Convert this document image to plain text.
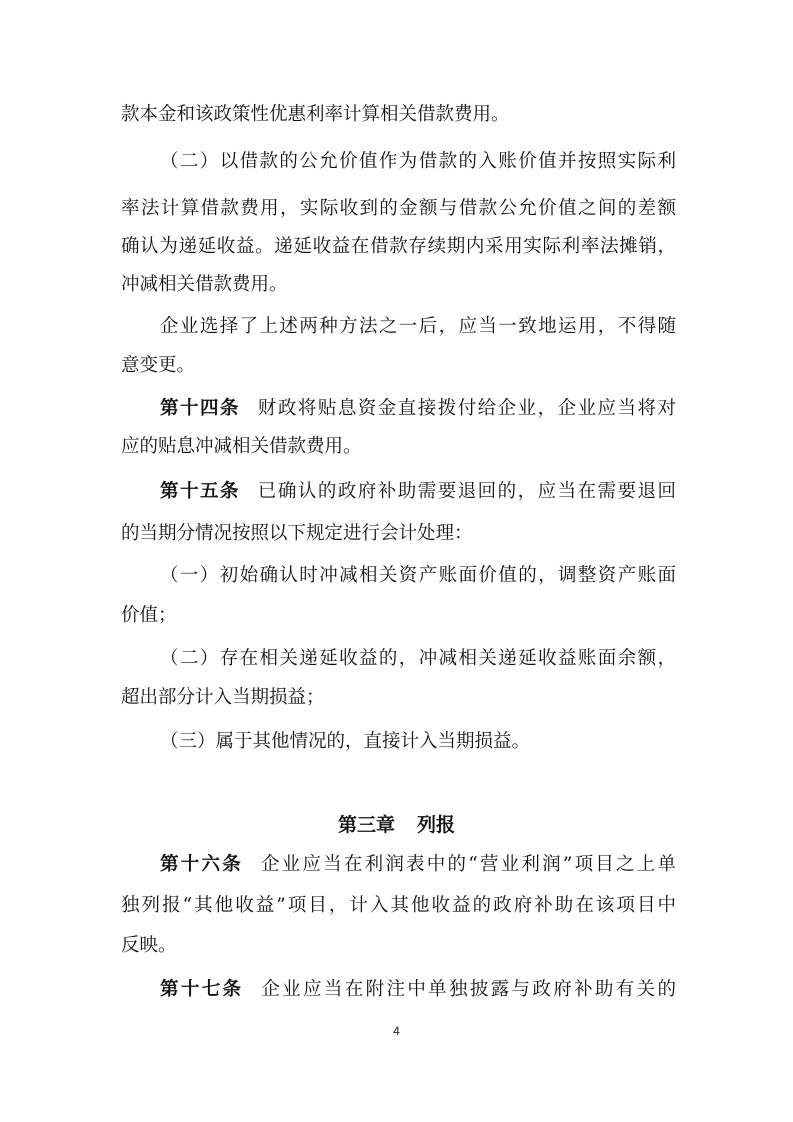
款本金和该政策性优惠利率计算相关借款费用。
（二）以借款的公允价值作为借款的入账价值并按照实际利
率法计算借款费用，实际收到的金额与借款公允价值之间的差额
确认为递延收益。递延收益在借款存续期内采用实际利率法摊销，
冲减相关借款费用。
企业选择了上述两种方法之一后，应当一致地运用，不得随
意变更。
第十四条 财政将贴息资金直接拨付给企业，企业应当将对
应的贴息冲减相关借款费用。
第十五条 已确认的政府补助需要退回的，应当在需要退回
的当期分情况按照以下规定进行会计处理：
（一）初始确认时冲减相关资产账面价值的，调整资产账面
价值；
（二）存在相关递延收益的，冲减相关递延收益账面余额，
超出部分计入当期损益；
（三）属于其他情况的，直接计入当期损益。
第三章 列报
第十六条 企业应当在利润表中的“营业利润”项目之上单
独列报“其他收益”项目，计入其他收益的政府补助在该项目中
反映。
第十七条 企业应当在附注中单独披露与政府补助有关的
4
